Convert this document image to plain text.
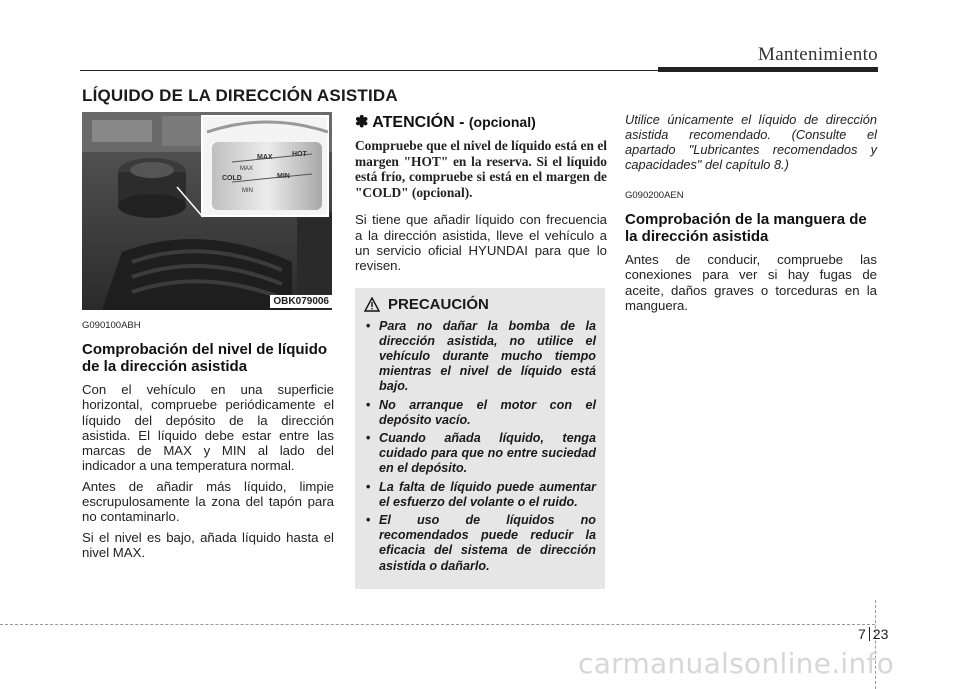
Mantenimiento
LÍQUIDO DE LA DIRECCIÓN ASISTIDA
MAX	HOT
COLD	MIN
MAX
MIN
OBK079006
G090100ABH
Comprobación del nivel de líquido de la dirección asistida
Con el vehículo en una superficie horizontal, compruebe periódicamente el líquido del depósito de la dirección asistida. El líquido debe estar entre las marcas de MAX y MIN al lado del indicador a una temperatura normal.
Antes de añadir más líquido, limpie escrupulosamente la zona del tapón para no contaminarlo.
Si el nivel es bajo, añada líquido hasta el nivel MAX.
✽ ATENCIÓN - (opcional)
Compruebe que el nivel de líquido está en el margen "HOT" en la reserva. Si el líquido está frío, compruebe si está en el margen de "COLD" (opcional).
Si tiene que añadir líquido con frecuencia a la dirección asistida, lleve el vehículo a un servicio oficial HYUNDAI para que lo revisen.
PRECAUCIÓN
• Para no dañar la bomba de la dirección asistida, no utilice el vehículo durante mucho tiempo mientras el nivel de líquido está bajo.
• No arranque el motor con el depósito vacío.
• Cuando añada líquido, tenga cuidado para que no entre suciedad en el depósito.
• La falta de líquido puede aumentar el esfuerzo del volante o el ruido.
• El uso de líquidos no recomendados puede reducir la eficacia del sistema de dirección asistida o dañarlo.
Utilice únicamente el líquido de dirección asistida recomendado. (Consulte el apartado "Lubricantes recomendados y capacidades" del capítulo 8.)
G090200AEN
Comprobación de la manguera de la dirección asistida
Antes de conducir, compruebe las conexiones para ver si hay fugas de aceite, daños graves o torceduras en la manguera.
7 23
carmanualsonline.info
